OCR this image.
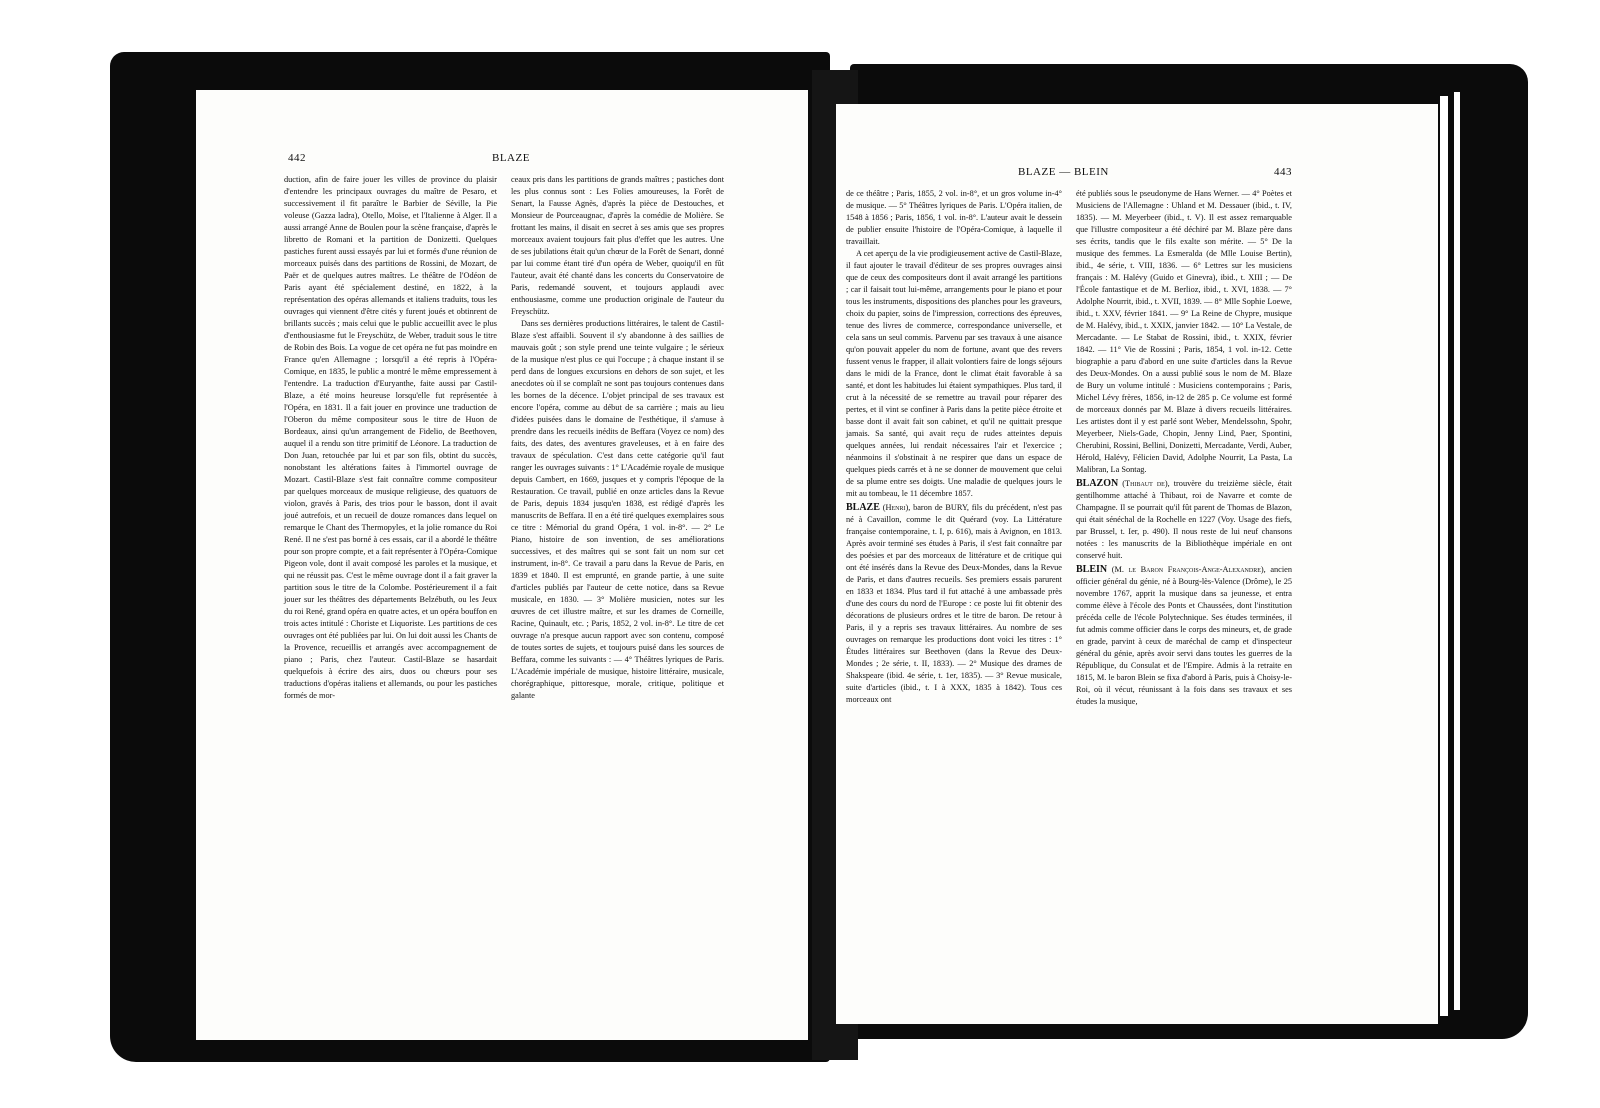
442	BLAZE

duction, afin de faire jouer les villes de province du plaisir d'entendre les principaux ouvrages du maître de Pesaro, et successivement il fit paraître le Barbier de Séville, la Pie voleuse (Gazza ladra), Otello, Moïse, et l'Italienne à Alger. Il a aussi arrangé Anne de Boulen pour la scène française, d'après le libretto de Romani et la partition de Donizetti. Quelques pastiches furent aussi essayés par lui et formés d'une réunion de morceaux puisés dans des partitions de Rossini, de Mozart, de Paër et de quelques autres maîtres. Le théâtre de l'Odéon de Paris ayant été spécialement destiné, en 1822, à la représentation des opéras allemands et italiens traduits, tous les ouvrages qui viennent d'être cités y furent joués et obtinrent de brillants succès ; mais celui que le public accueillit avec le plus d'enthousiasme fut le Freyschütz, de Weber, traduit sous le titre de Robin des Bois. La vogue de cet opéra ne fut pas moindre en France qu'en Allemagne ; lorsqu'il a été repris à l'Opéra-Comique, en 1835, le public a montré le même empressement à l'entendre. La traduction d'Euryanthe, faite aussi par Castil-Blaze, a été moins heureuse lorsqu'elle fut représentée à l'Opéra, en 1831. Il a fait jouer en province une traduction de l'Oberon du même compositeur sous le titre de Huon de Bordeaux, ainsi qu'un arrangement de Fidelio, de Beethoven, auquel il a rendu son titre primitif de Léonore. La traduction de Don Juan, retouchée par lui et par son fils, obtint du succès, nonobstant les altérations faites à l'immortel ouvrage de Mozart. Castil-Blaze s'est fait connaître comme compositeur par quelques morceaux de musique religieuse, des quatuors de violon, gravés à Paris, des trios pour le basson, dont il avait joué autrefois, et un recueil de douze romances dans lequel on remarque le Chant des Thermopyles, et la jolie romance du Roi René. Il ne s'est pas borné à ces essais, car il a abordé le théâtre pour son propre compte, et a fait représenter à l'Opéra-Comique Pigeon vole, dont il avait composé les paroles et la musique, et qui ne réussit pas. C'est le même ouvrage dont il a fait graver la partition sous le titre de la Colombe. Postérieurement il a fait jouer sur les théâtres des départements Belzébuth, ou les Jeux du roi René, grand opéra en quatre actes, et un opéra bouffon en trois actes intitulé : Choriste et Liquoriste. Les partitions de ces ouvrages ont été publiées par lui. On lui doit aussi les Chants de la Provence, recueillis et arrangés avec accompagnement de piano ; Paris, chez l'auteur. Castil-Blaze se hasardait quelquefois à écrire des airs, duos ou chœurs pour ses traductions d'opéras italiens et allemands, ou pour les pastiches formés de mor-

ceaux pris dans les partitions de grands maîtres ; pastiches dont les plus connus sont : Les Folies amoureuses, la Forêt de Senart, la Fausse Agnès, d'après la pièce de Destouches, et Monsieur de Pourceaugnac, d'après la comédie de Molière. Se frottant les mains, il disait en secret à ses amis que ses propres morceaux avaient toujours fait plus d'effet que les autres. Une de ses jubilations était qu'un chœur de la Forêt de Senart, donné par lui comme étant tiré d'un opéra de Weber, quoiqu'il en fût l'auteur, avait été chanté dans les concerts du Conservatoire de Paris, redemandé souvent, et toujours applaudi avec enthousiasme, comme une production originale de l'auteur du Freyschütz.

Dans ses dernières productions littéraires, le talent de Castil-Blaze s'est affaibli. Souvent il s'y abandonne à des saillies de mauvais goût ; son style prend une teinte vulgaire ; le sérieux de la musique n'est plus ce qui l'occupe ; à chaque instant il se perd dans de longues excursions en dehors de son sujet, et les anecdotes où il se complaît ne sont pas toujours contenues dans les bornes de la décence. L'objet principal de ses travaux est encore l'opéra, comme au début de sa carrière ; mais au lieu d'idées puisées dans le domaine de l'esthétique, il s'amuse à prendre dans les recueils inédits de Beffara (Voyez ce nom) des faits, des dates, des aventures graveleuses, et à en faire des travaux de spéculation. C'est dans cette catégorie qu'il faut ranger les ouvrages suivants : 1° L'Académie royale de musique depuis Cambert, en 1669, jusques et y compris l'époque de la Restauration. Ce travail, publié en onze articles dans la Revue de Paris, depuis 1834 jusqu'en 1838, est rédigé d'après les manuscrits de Beffara. Il en a été tiré quelques exemplaires sous ce titre : Mémorial du grand Opéra, 1 vol. in-8°. — 2° Le Piano, histoire de son invention, de ses améliorations successives, et des maîtres qui se sont fait un nom sur cet instrument, in-8°. Ce travail a paru dans la Revue de Paris, en 1839 et 1840. Il est emprunté, en grande partie, à une suite d'articles publiés par l'auteur de cette notice, dans sa Revue musicale, en 1830. — 3° Molière musicien, notes sur les œuvres de cet illustre maître, et sur les drames de Corneille, Racine, Quinault, etc. ; Paris, 1852, 2 vol. in-8°. Le titre de cet ouvrage n'a presque aucun rapport avec son contenu, composé de toutes sortes de sujets, et toujours puisé dans les sources de Beffara, comme les suivants : — 4° Théâtres lyriques de Paris. L'Académie impériale de musique, histoire littéraire, musicale, chorégraphique, pittoresque, morale, critique, politique et galante

BLAZE — BLEIN	443

de ce théâtre ; Paris, 1855, 2 vol. in-8°, et un gros volume in-4° de musique. — 5° Théâtres lyriques de Paris. L'Opéra italien, de 1548 à 1856 ; Paris, 1856, 1 vol. in-8°. L'auteur avait le dessein de publier ensuite l'histoire de l'Opéra-Comique, à laquelle il travaillait.

A cet aperçu de la vie prodigieusement active de Castil-Blaze, il faut ajouter le travail d'éditeur de ses propres ouvrages ainsi que de ceux des compositeurs dont il avait arrangé les partitions ; car il faisait tout lui-même, arrangements pour le piano et pour tous les instruments, dispositions des planches pour les graveurs, choix du papier, soins de l'impression, corrections des épreuves, tenue des livres de commerce, correspondance universelle, et cela sans un seul commis. Parvenu par ses travaux à une aisance qu'on pouvait appeler du nom de fortune, avant que des revers fussent venus le frapper, il allait volontiers faire de longs séjours dans le midi de la France, dont le climat était favorable à sa santé, et dont les habitudes lui étaient sympathiques. Plus tard, il crut à la nécessité de se remettre au travail pour réparer des pertes, et il vint se confiner à Paris dans la petite pièce étroite et basse dont il avait fait son cabinet, et qu'il ne quittait presque jamais. Sa santé, qui avait reçu de rudes atteintes depuis quelques années, lui rendait nécessaires l'air et l'exercice ; néanmoins il s'obstinait à ne respirer que dans un espace de quelques pieds carrés et à ne se donner de mouvement que celui de sa plume entre ses doigts. Une maladie de quelques jours le mit au tombeau, le 11 décembre 1857.

BLAZE (Henri), baron de BURY, fils du précédent, n'est pas né à Cavaillon, comme le dit Quérard (voy. La Littérature française contemporaine, t. I, p. 616), mais à Avignon, en 1813. Après avoir terminé ses études à Paris, il s'est fait connaître par des poésies et par des morceaux de littérature et de critique qui ont été insérés dans la Revue des Deux-Mondes, dans la Revue de Paris, et dans d'autres recueils. Ses premiers essais parurent en 1833 et 1834. Plus tard il fut attaché à une ambassade près d'une des cours du nord de l'Europe : ce poste lui fit obtenir des décorations de plusieurs ordres et le titre de baron. De retour à Paris, il y a repris ses travaux littéraires. Au nombre de ses ouvrages on remarque les productions dont voici les titres : 1° Études littéraires sur Beethoven (dans la Revue des Deux-Mondes ; 2e série, t. II, 1833). — 2° Musique des drames de Shakspeare (ibid. 4e série, t. 1er, 1835). — 3° Revue musicale, suite d'articles (ibid., t. I à XXX, 1835 à 1842). Tous ces morceaux ont

été publiés sous le pseudonyme de Hans Werner. — 4° Poètes et Musiciens de l'Allemagne : Uhland et M. Dessauer (ibid., t. IV, 1835). — M. Meyerbeer (ibid., t. V). Il est assez remarquable que l'illustre compositeur a été déchiré par M. Blaze père dans ses écrits, tandis que le fils exalte son mérite. — 5° De la musique des femmes. La Esmeralda (de Mlle Louise Bertin), ibid., 4e série, t. VIII, 1836. — 6° Lettres sur les musiciens français : M. Halévy (Guido et Ginevra), ibid., t. XIII ; — De l'École fantastique et de M. Berlioz, ibid., t. XVI, 1838. — 7° Adolphe Nourrit, ibid., t. XVII, 1839. — 8° Mlle Sophie Loewe, ibid., t. XXV, février 1841. — 9° La Reine de Chypre, musique de M. Halévy, ibid., t. XXIX, janvier 1842. — 10° La Vestale, de Mercadante. — Le Stabat de Rossini, ibid., t. XXIX, février 1842. — 11° Vie de Rossini ; Paris, 1854, 1 vol. in-12. Cette biographie a paru d'abord en une suite d'articles dans la Revue des Deux-Mondes. On a aussi publié sous le nom de M. Blaze de Bury un volume intitulé : Musiciens contemporains ; Paris, Michel Lévy frères, 1856, in-12 de 285 p. Ce volume est formé de morceaux donnés par M. Blaze à divers recueils littéraires. Les artistes dont il y est parlé sont Weber, Mendelssohn, Spohr, Meyerbeer, Niels-Gade, Chopin, Jenny Lind, Paer, Spontini, Cherubini, Rossini, Bellini, Donizetti, Mercadante, Verdi, Auber, Hérold, Halévy, Félicien David, Adolphe Nourrit, La Pasta, La Malibran, La Sontag.

BLAZON (Thibaut de), trouvère du treizième siècle, était gentilhomme attaché à Thibaut, roi de Navarre et comte de Champagne. Il se pourrait qu'il fût parent de Thomas de Blazon, qui était sénéchal de la Rochelle en 1227 (Voy. Usage des fiefs, par Brussel, t. Ier, p. 490). Il nous reste de lui neuf chansons notées : les manuscrits de la Bibliothèque impériale en ont conservé huit.

BLEIN (M. le Baron François-Ange-Alexandre), ancien officier général du génie, né à Bourg-lès-Valence (Drôme), le 25 novembre 1767, apprit la musique dans sa jeunesse, et entra comme élève à l'école des Ponts et Chaussées, dont l'institution précéda celle de l'école Polytechnique. Ses études terminées, il fut admis comme officier dans le corps des mineurs, et, de grade en grade, parvint à ceux de maréchal de camp et d'inspecteur général du génie, après avoir servi dans toutes les guerres de la République, du Consulat et de l'Empire. Admis à la retraite en 1815, M. le baron Blein se fixa d'abord à Paris, puis à Choisy-le-Roi, où il vécut, réunissant à la fois dans ses travaux et ses études la musique,
